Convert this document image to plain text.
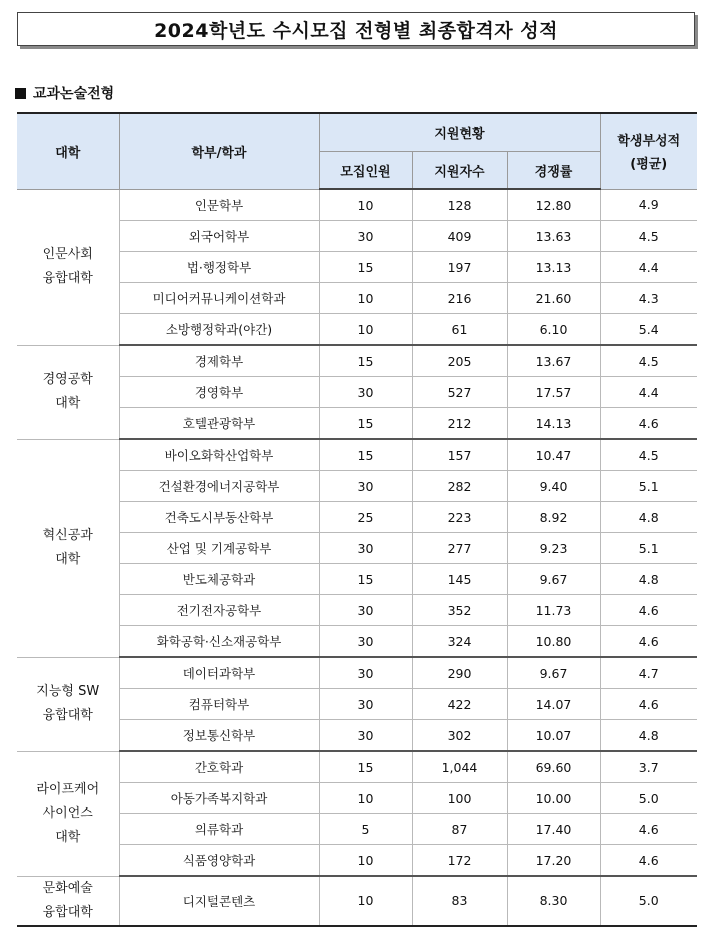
2024학년도 수시모집 전형별 최종합격자 성적
교과논술전형
대학	학부/학과	지원현황			학생부성적
(평균)

		모집인원	지원자수	경쟁률	

인문사회
융합대학	인문학부	10	128	12.80	4.9
	외국어학부	30	409	13.63	4.5
	법·행정학부	15	197	13.13	4.4
	미디어커뮤니케이션학과	10	216	21.60	4.3
	소방행정학과(야간)	10	61	6.10	5.4

경영공학
대학	경제학부	15	205	13.67	4.5
	경영학부	30	527	17.57	4.4
	호텔관광학부	15	212	14.13	4.6

혁신공과
대학	바이오화학산업학부	15	157	10.47	4.5
	건설환경에너지공학부	30	282	9.40	5.1
	건축도시부동산학부	25	223	8.92	4.8
	산업 및 기계공학부	30	277	9.23	5.1
	반도체공학과	15	145	9.67	4.8
	전기전자공학부	30	352	11.73	4.6
	화학공학·신소재공학부	30	324	10.80	4.6

지능형 SW
융합대학	데이터과학부	30	290	9.67	4.7
	컴퓨터학부	30	422	14.07	4.6
	정보통신학부	30	302	10.07	4.8

라이프케어
사이언스
대학	간호학과	15	1,044	69.60	3.7
	아동가족복지학과	10	100	10.00	5.0
	의류학과	5	87	17.40	4.6
	식품영양학과	10	172	17.20	4.6

문화예술
융합대학	디지털콘텐츠	10	83	8.30	5.0
